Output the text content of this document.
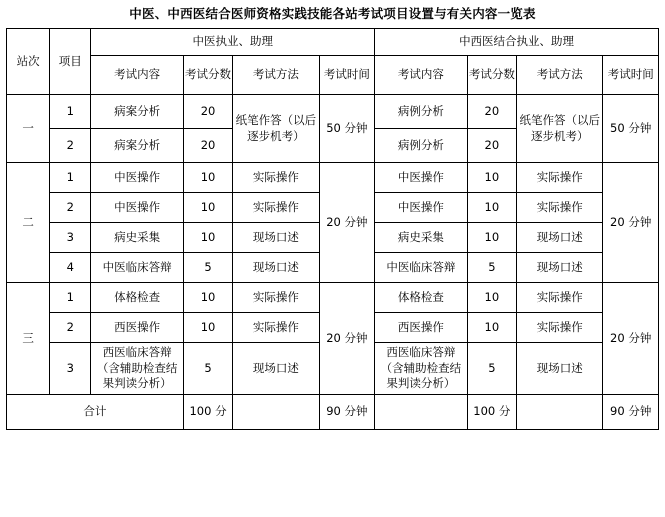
中医、中西医结合医师资格实践技能各站考试项目设置与有关内容一览表
站次	项目	中医执业、助理				中西医结合执业、助理			
		考试内容	考试分数	考试方法	考试时间	考试内容	考试分数	考试方法	考试时间
一	1	病案分析	20	纸笔作答（以后逐步机考）	50 分钟	病例分析	20	纸笔作答（以后逐步机考）	50 分钟
	2	病案分析	20			病例分析	20		
二	1	中医操作	10	实际操作	20 分钟	中医操作	10	实际操作	20 分钟
	2	中医操作	10	实际操作		中医操作	10	实际操作	
	3	病史采集	10	现场口述		病史采集	10	现场口述	
	4	中医临床答辩	5	现场口述		中医临床答辩	5	现场口述	
三	1	体格检查	10	实际操作	20 分钟	体格检查	10	实际操作	20 分钟
	2	西医操作	10	实际操作		西医操作	10	实际操作	
	3	西医临床答辩（含辅助检查结果判读分析）	5	现场口述		西医临床答辩（含辅助检查结果判读分析）	5	现场口述	
合计			100 分		90 分钟		100 分		90 分钟
